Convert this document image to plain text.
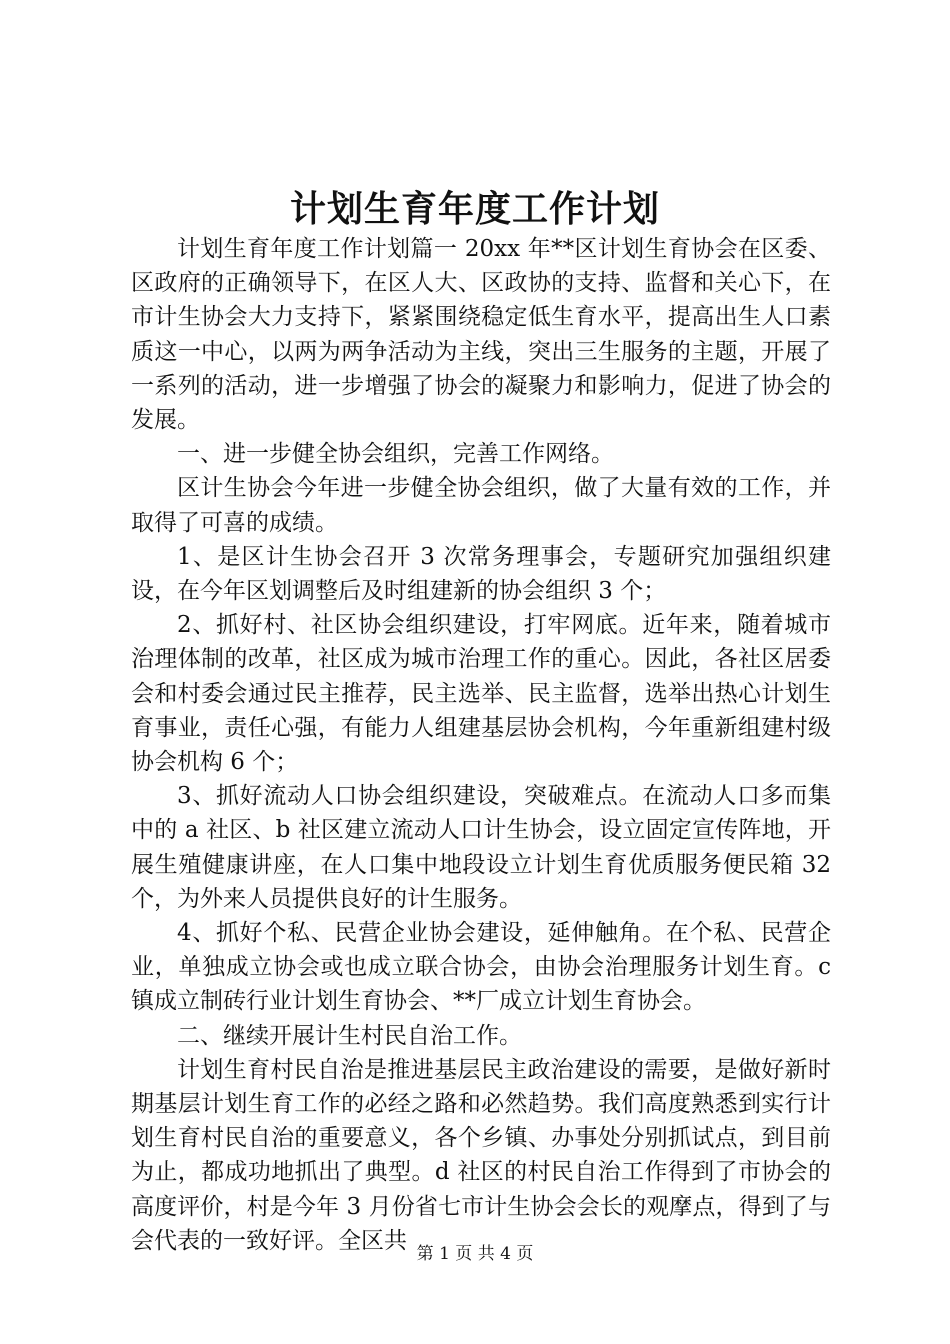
计划生育年度工作计划

计划生育年度工作计划篇一 20xx 年**区计划生育协会在区委、区政府的正确领导下，在区人大、区政协的支持、监督和关心下，在市计生协会大力支持下，紧紧围绕稳定低生育水平，提高出生人口素质这一中心，以两为两争活动为主线，突出三生服务的主题，开展了一系列的活动，进一步增强了协会的凝聚力和影响力，促进了协会的发展。

一、进一步健全协会组织，完善工作网络。

区计生协会今年进一步健全协会组织，做了大量有效的工作，并取得了可喜的成绩。

1、是区计生协会召开 3 次常务理事会，专题研究加强组织建设，在今年区划调整后及时组建新的协会组织 3 个；

2、抓好村、社区协会组织建设，打牢网底。近年来，随着城市治理体制的改革，社区成为城市治理工作的重心。因此，各社区居委会和村委会通过民主推荐，民主选举、民主监督，选举出热心计划生育事业，责任心强，有能力人组建基层协会机构，今年重新组建村级协会机构 6 个；

3、抓好流动人口协会组织建设，突破难点。在流动人口多而集中的 a 社区、b 社区建立流动人口计生协会，设立固定宣传阵地，开展生殖健康讲座，在人口集中地段设立计划生育优质服务便民箱 32 个，为外来人员提供良好的计生服务。

4、抓好个私、民营企业协会建设，延伸触角。在个私、民营企业，单独成立协会或也成立联合协会，由协会治理服务计划生育。c 镇成立制砖行业计划生育协会、**厂成立计划生育协会。

二、继续开展计生村民自治工作。

计划生育村民自治是推进基层民主政治建设的需要，是做好新时期基层计划生育工作的必经之路和必然趋势。我们高度熟悉到实行计划生育村民自治的重要意义，各个乡镇、办事处分别抓试点，到目前为止，都成功地抓出了典型。d 社区的村民自治工作得到了市协会的高度评价，村是今年 3 月份省七市计生协会会长的观摩点，得到了与会代表的一致好评。全区共

第 1 页 共 4 页
